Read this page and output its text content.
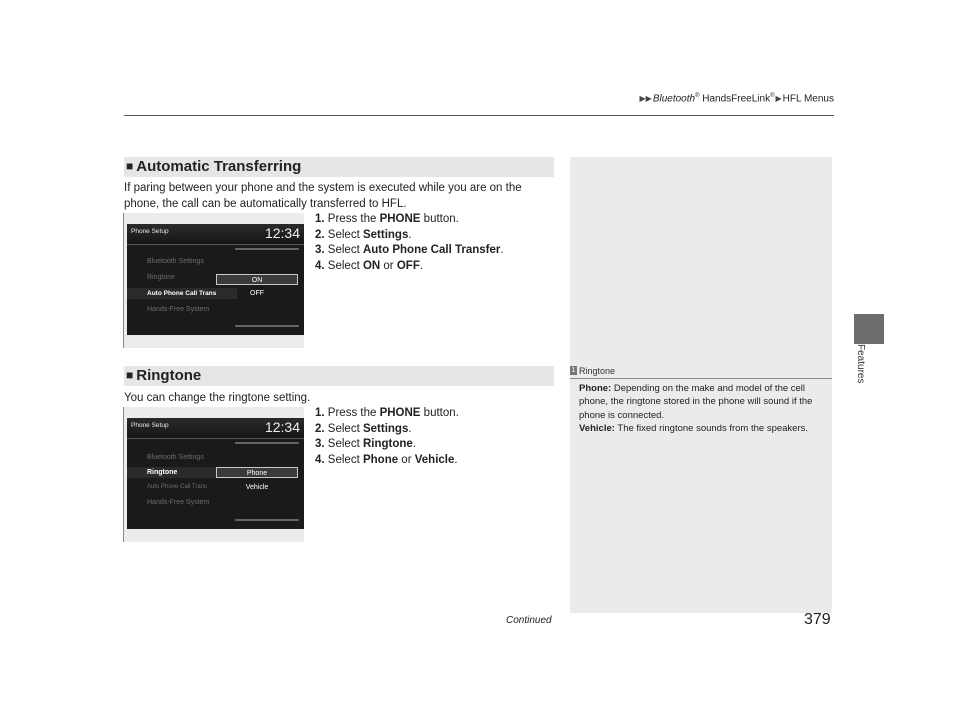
▶▶Bluetooth® HandsFreeLink®▶HFL Menus
Features
■ Automatic Transferring
If paring between your phone and the system is executed while you are on the phone, the call can be automatically transferred to HFL.
Phone Setup	12:34
Bluetooth Settings
Ringtone
Auto Phone Call Trans
Hands-Free System
ON
OFF
1. Press the PHONE button.
2. Select Settings.
3. Select Auto Phone Call Transfer.
4. Select ON or OFF.
■ Ringtone
You can change the ringtone setting.
Phone Setup	12:34
Bluetooth Settings
Ringtone
Auto Phone Call Trans
Hands-Free System
Phone
Vehicle
1. Press the PHONE button.
2. Select Settings.
3. Select Ringtone.
4. Select Phone or Vehicle.
1 Ringtone
Phone: Depending on the make and model of the cell phone, the ringtone stored in the phone will sound if the phone is connected.
Vehicle: The fixed ringtone sounds from the speakers.
Continued	379
